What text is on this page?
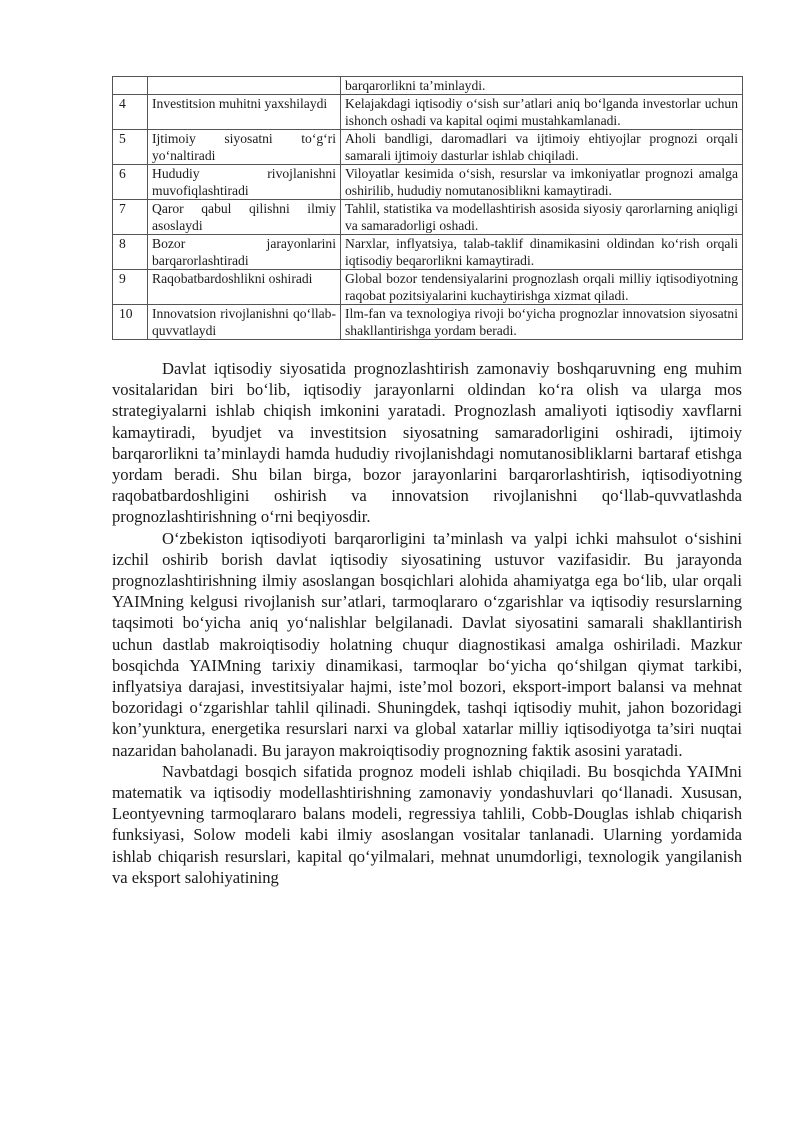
		barqarorlikni ta’minlaydi.
4	Investitsion muhitni yaxshilaydi	Kelajakdagi iqtisodiy o‘sish sur’atlari aniq bo‘lganda investorlar uchun ishonch oshadi va kapital oqimi mustahkamlanadi.
5	Ijtimoiy siyosatni to‘g‘ri yo‘naltiradi	Aholi bandligi, daromadlari va ijtimoiy ehtiyojlar prognozi orqali samarali ijtimoiy dasturlar ishlab chiqiladi.
6	Hududiy rivojlanishni muvofiqlashtiradi	Viloyatlar kesimida o‘sish, resurslar va imkoniyatlar prognozi amalga oshirilib, hududiy nomutanosiblikni kamaytiradi.
7	Qaror qabul qilishni ilmiy asoslaydi	Tahlil, statistika va modellashtirish asosida siyosiy qarorlarning aniqligi va samaradorligi oshadi.
8	Bozor jarayonlarini barqarorlashtiradi	Narxlar, inflyatsiya, talab-taklif dinamikasini oldindan ko‘rish orqali iqtisodiy beqarorlikni kamaytiradi.
9	Raqobatbardoshlikni oshiradi	Global bozor tendensiyalarini prognozlash orqali milliy iqtisodiyotning raqobat pozitsiyalarini kuchaytirishga xizmat qiladi.
10	Innovatsion rivojlanishni qo‘llab-quvvatlaydi	Ilm-fan va texnologiya rivoji bo‘yicha prognozlar innovatsion siyosatni shakllantirishga yordam beradi.

Davlat iqtisodiy siyosatida prognozlashtirish zamonaviy boshqaruvning eng muhim vositalaridan biri bo‘lib, iqtisodiy jarayonlarni oldindan ko‘ra olish va ularga mos strategiyalarni ishlab chiqish imkonini yaratadi. Prognozlash amaliyoti iqtisodiy xavflarni kamaytiradi, byudjet va investitsion siyosatning samaradorligini oshiradi, ijtimoiy barqarorlikni ta’minlaydi hamda hududiy rivojlanishdagi nomutanosibliklarni bartaraf etishga yordam beradi. Shu bilan birga, bozor jarayonlarini barqarorlashtirish, iqtisodiyotning raqobatbardoshligini oshirish va innovatsion rivojlanishni qo‘llab-quvvatlashda prognozlashtirishning o‘rni beqiyosdir.

O‘zbekiston iqtisodiyoti barqarorligini ta’minlash va yalpi ichki mahsulot o‘sishini izchil oshirib borish davlat iqtisodiy siyosatining ustuvor vazifasidir. Bu jarayonda prognozlashtirishning ilmiy asoslangan bosqichlari alohida ahamiyatga ega bo‘lib, ular orqali YAIMning kelgusi rivojlanish sur’atlari, tarmoqlararo o‘zgarishlar va iqtisodiy resurslarning taqsimoti bo‘yicha aniq yo‘nalishlar belgilanadi. Davlat siyosatini samarali shakllantirish uchun dastlab makroiqtisodiy holatning chuqur diagnostikasi amalga oshiriladi. Mazkur bosqichda YAIMning tarixiy dinamikasi, tarmoqlar bo‘yicha qo‘shilgan qiymat tarkibi, inflyatsiya darajasi, investitsiyalar hajmi, iste’mol bozori, eksport-import balansi va mehnat bozoridagi o‘zgarishlar tahlil qilinadi. Shuningdek, tashqi iqtisodiy muhit, jahon bozoridagi kon’yunktura, energetika resurslari narxi va global xatarlar milliy iqtisodiyotga ta’siri nuqtai nazaridan baholanadi. Bu jarayon makroiqtisodiy prognozning faktik asosini yaratadi.

Navbatdagi bosqich sifatida prognoz modeli ishlab chiqiladi. Bu bosqichda YAIMni matematik va iqtisodiy modellashtirishning zamonaviy yondashuvlari qo‘llanadi. Xususan, Leontyevning tarmoqlararo balans modeli, regressiya tahlili, Cobb-Douglas ishlab chiqarish funksiyasi, Solow modeli kabi ilmiy asoslangan vositalar tanlanadi. Ularning yordamida ishlab chiqarish resurslari, kapital qo‘yilmalari, mehnat unumdorligi, texnologik yangilanish va eksport salohiyatining
